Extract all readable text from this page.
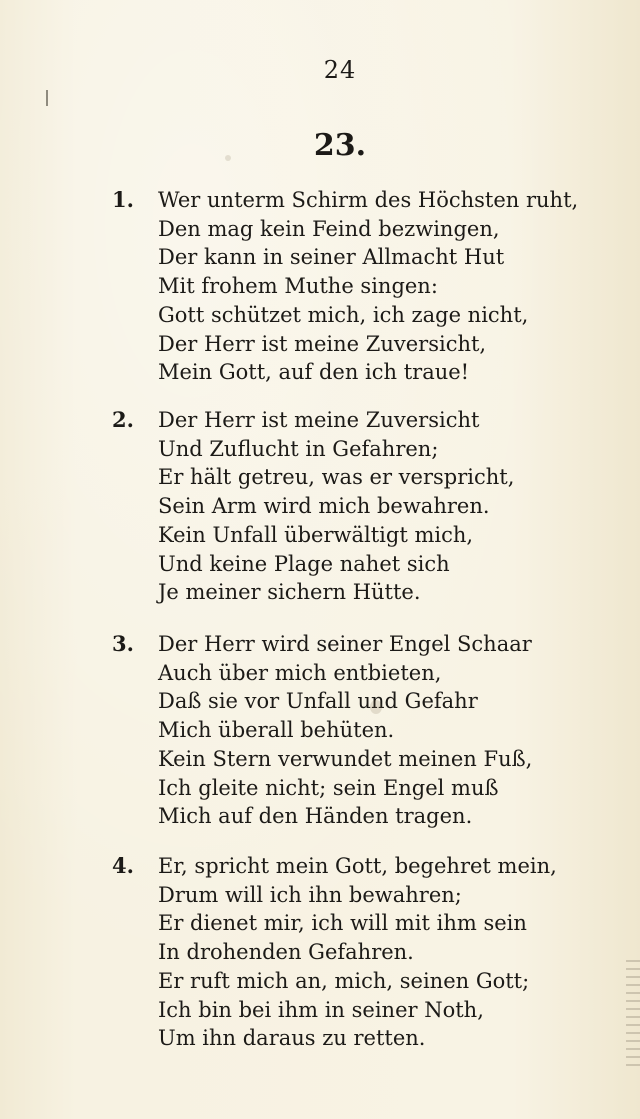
24
23.
1. Wer unterm Schirm des Höchsten ruht,
Den mag kein Feind bezwingen,
Der kann in seiner Allmacht Hut
Mit frohem Muthe singen:
Gott schützet mich, ich zage nicht,
Der Herr ist meine Zuversicht,
Mein Gott, auf den ich traue!
2. Der Herr ist meine Zuversicht
Und Zuflucht in Gefahren;
Er hält getreu, was er verspricht,
Sein Arm wird mich bewahren.
Kein Unfall überwältigt mich,
Und keine Plage nahet sich
Je meiner sichern Hütte.
3. Der Herr wird seiner Engel Schaar
Auch über mich entbieten,
Daß sie vor Unfall und Gefahr
Mich überall behüten.
Kein Stern verwundet meinen Fuß,
Ich gleite nicht; sein Engel muß
Mich auf den Händen tragen.
4. Er, spricht mein Gott, begehret mein,
Drum will ich ihn bewahren;
Er dienet mir, ich will mit ihm sein
In drohenden Gefahren.
Er ruft mich an, mich, seinen Gott;
Ich bin bei ihm in seiner Noth,
Um ihn daraus zu retten.
